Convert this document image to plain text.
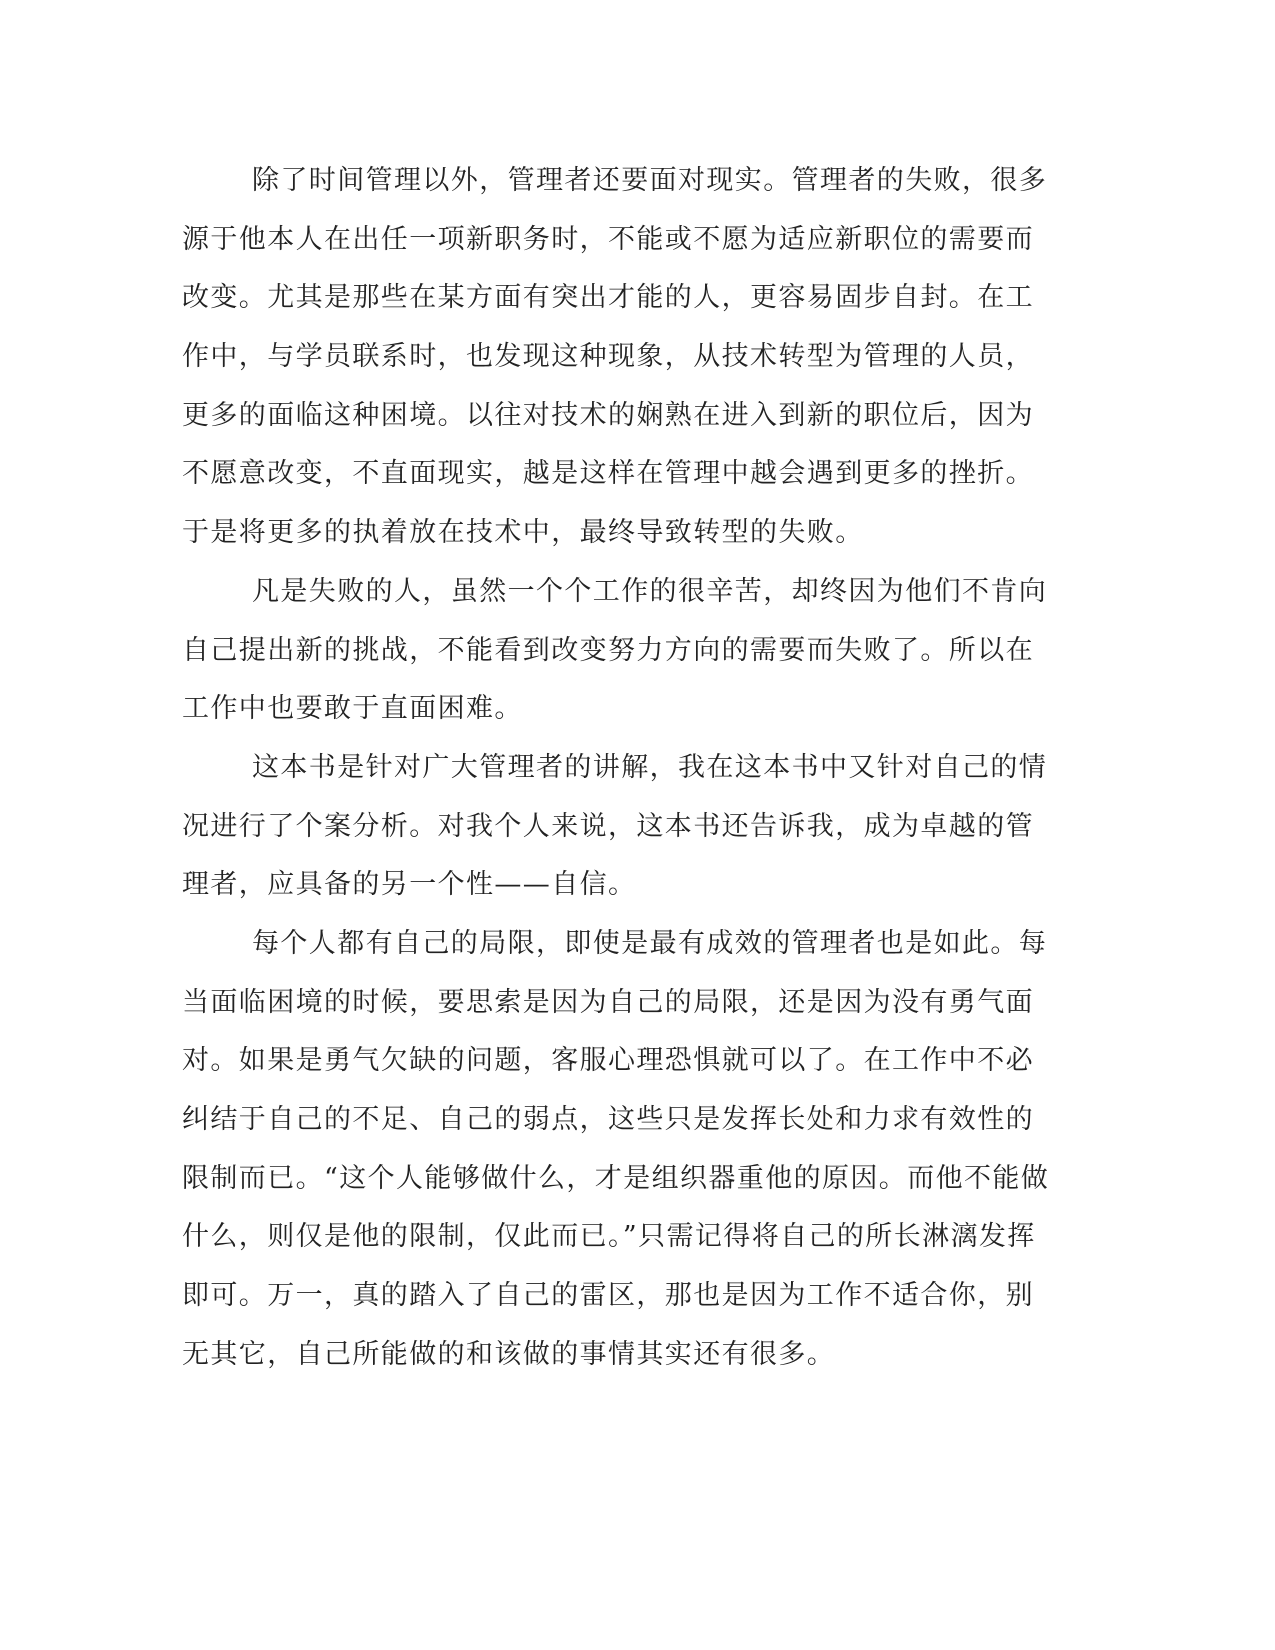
除了时间管理以外，管理者还要面对现实。管理者的失败，很多
源于他本人在出任一项新职务时，不能或不愿为适应新职位的需要而
改变。尤其是那些在某方面有突出才能的人，更容易固步自封。在工
作中，与学员联系时，也发现这种现象，从技术转型为管理的人员，
更多的面临这种困境。以往对技术的娴熟在进入到新的职位后，因为
不愿意改变，不直面现实，越是这样在管理中越会遇到更多的挫折。
于是将更多的执着放在技术中，最终导致转型的失败。
凡是失败的人，虽然一个个工作的很辛苦，却终因为他们不肯向
自己提出新的挑战，不能看到改变努力方向的需要而失败了。所以在
工作中也要敢于直面困难。
这本书是针对广大管理者的讲解，我在这本书中又针对自己的情
况进行了个案分析。对我个人来说，这本书还告诉我，成为卓越的管
理者，应具备的另一个性——自信。
每个人都有自己的局限，即使是最有成效的管理者也是如此。每
当面临困境的时候，要思索是因为自己的局限，还是因为没有勇气面
对。如果是勇气欠缺的问题，客服心理恐惧就可以了。在工作中不必
纠结于自己的不足、自己的弱点，这些只是发挥长处和力求有效性的
限制而已。“这个人能够做什么，才是组织器重他的原因。而他不能做
什么，则仅是他的限制，仅此而已。”只需记得将自己的所长淋漓发挥
即可。万一，真的踏入了自己的雷区，那也是因为工作不适合你，别
无其它，自己所能做的和该做的事情其实还有很多。
